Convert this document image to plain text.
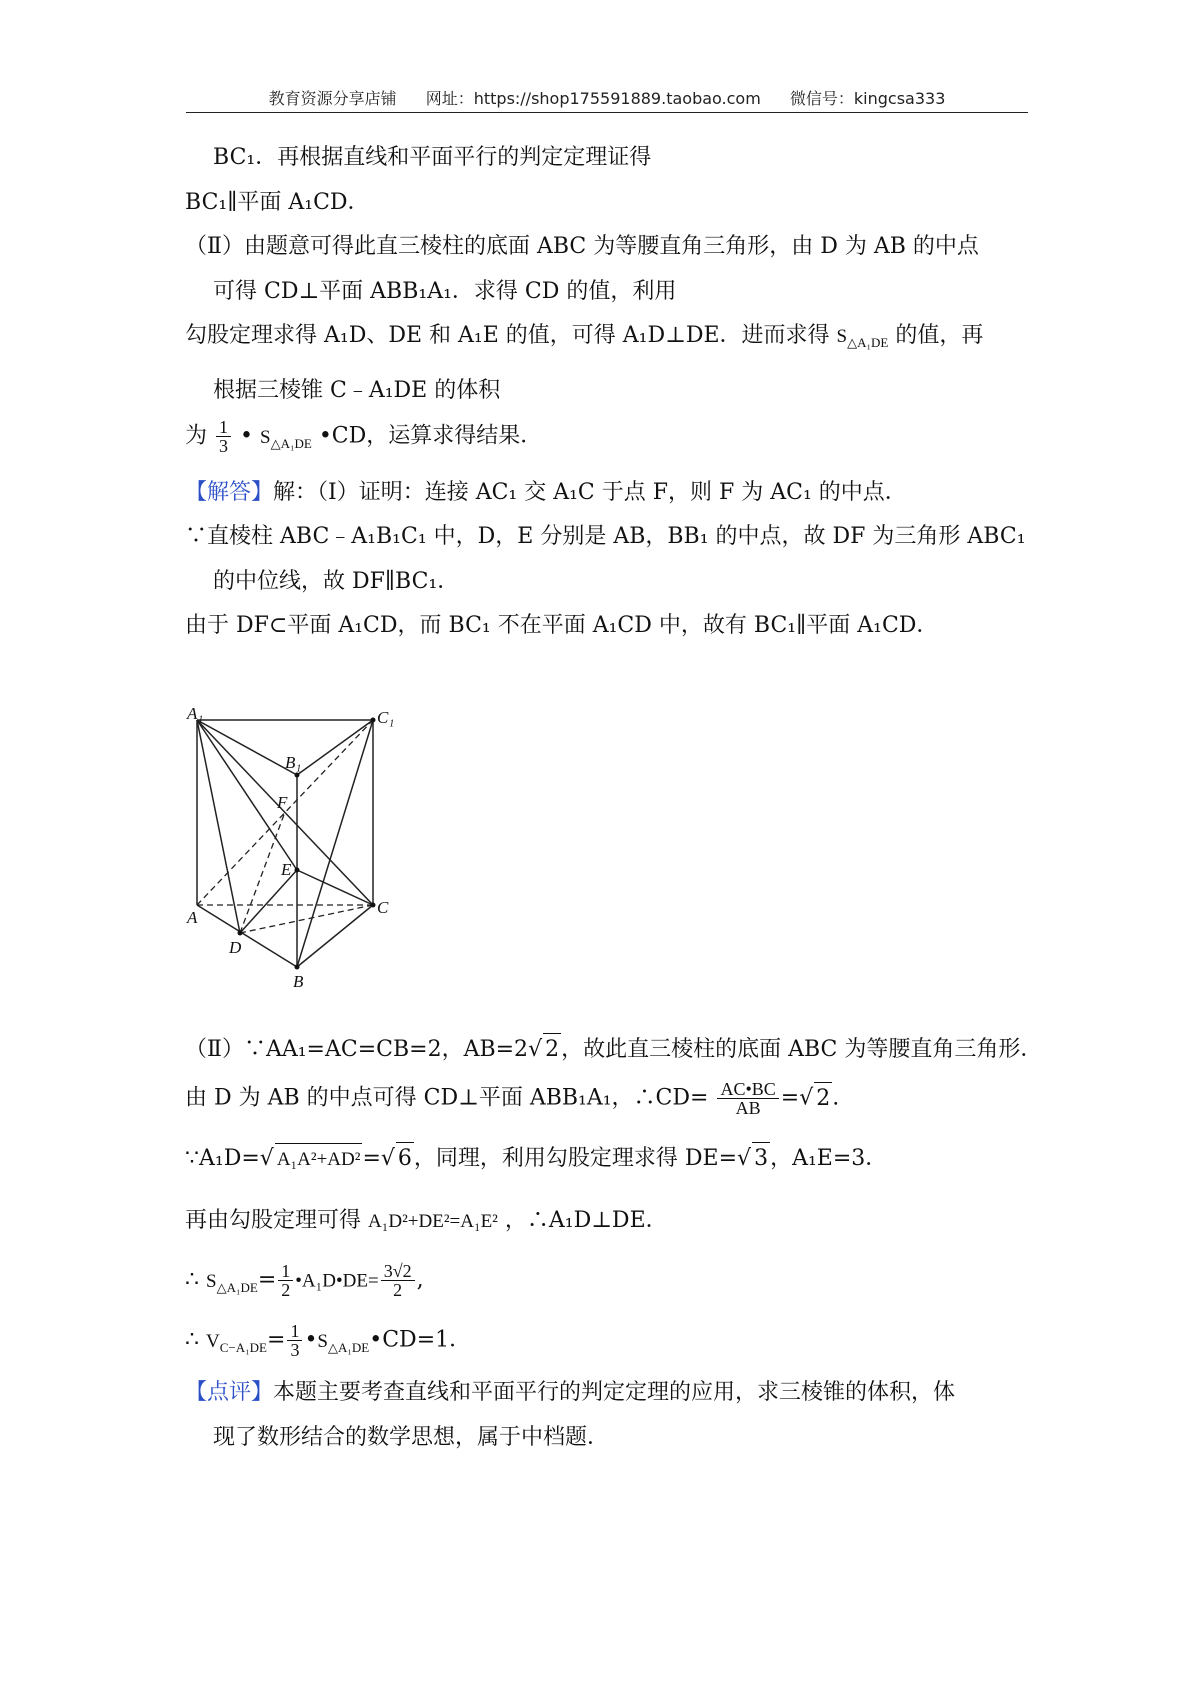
教育资源分享店铺 网址：https://shop175591889.taobao.com 微信号：kingcsa333
BC₁．再根据直线和平面平行的判定定理证得
BC₁∥平面 A₁CD．
（Ⅱ）由题意可得此直三棱柱的底面 ABC 为等腰直角三角形，由 D 为 AB 的中点
可得 CD⊥平面 ABB₁A₁．求得 CD 的值，利用
勾股定理求得 A₁D、DE 和 A₁E 的值，可得 A₁D⊥DE．进而求得 $S_{\triangle A_1DE}$ 的值，再
根据三棱锥 C﹣A₁DE 的体积
为 $\frac{1}{3}$ • $S_{\triangle A_1DE}$ •CD，运算求得结果．
【解答】解：（Ⅰ）证明：连接 AC₁ 交 A₁C 于点 F，则 F 为 AC₁ 的中点．
∵直棱柱 ABC﹣A₁B₁C₁ 中，D，E 分别是 AB，BB₁ 的中点，故 DF 为三角形 ABC₁
的中位线，故 DF∥BC₁．
由于 DF⊂平面 A₁CD，而 BC₁ 不在平面 A₁CD 中，故有 BC₁∥平面 A₁CD．
A₁	C₁
B₁
F
E
A
C
D
B
（Ⅱ）∵AA₁=AC=CB=2，AB=2√ 2，故此直三棱柱的底面 ABC 为等腰直角三角形．
由 D 为 AB 的中点可得 CD⊥平面 ABB₁A₁，∴CD= $\frac{AC•BC}{AB}$ =√ 2.
∵A₁D=√ A₁A²+AD²=√ 6，同理，利用勾股定理求得 DE=√ 3，A₁E=3．
再由勾股定理可得 A₁D²+DE²=A₁E² ，∴A₁D⊥DE．
∴ $S_{\triangle A_1DE}= \frac{1}{2}$ •A₁D•DE= $\frac{3√2}{2}$ ,
∴ $V_{C-A_1DE}= \frac{1}{3}$ $•S_{\triangle A_1DE}•CD=1$．
【点评】本题主要考查直线和平面平行的判定定理的应用，求三棱锥的体积，体
现了数形结合的数学思想，属于中档题．
